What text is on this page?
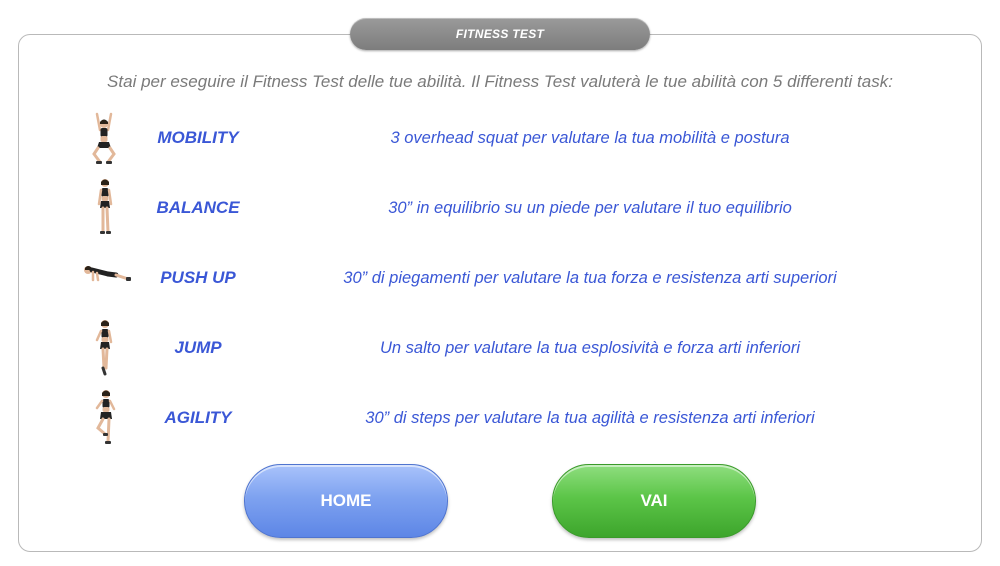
FITNESS TEST
Stai per eseguire il Fitness Test delle tue abilità. Il Fitness Test valuterà le tue abilità con 5 differenti task:
MOBILITY	3 overhead squat per valutare la tua mobilità e postura
BALANCE	30” in equilibrio su un piede per valutare il tuo equilibrio
PUSH UP	30” di piegamenti per valutare la tua forza e resistenza arti superiori
JUMP	Un salto per valutare la tua esplosività e forza arti inferiori
AGILITY	30” di steps per valutare la tua agilità e resistenza arti inferiori
HOME	VAI
